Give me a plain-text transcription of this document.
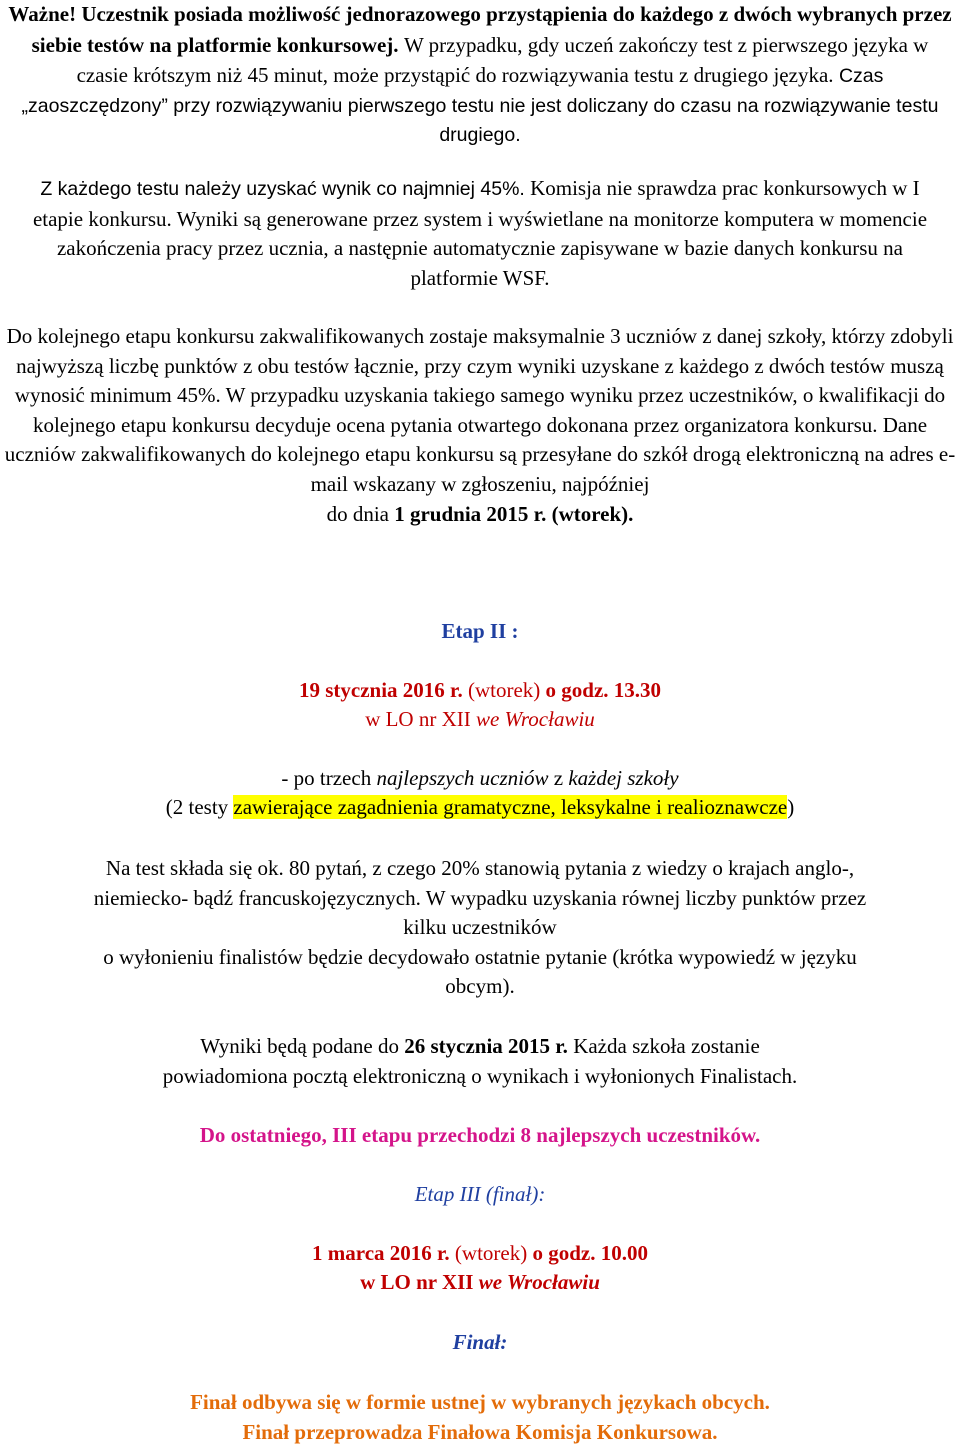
Ważne! Uczestnik posiada możliwość jednorazowego przystąpienia do każdego z dwóch wybranych przez siebie testów na platformie konkursowej. W przypadku, gdy uczeń zakończy test z pierwszego języka w czasie krótszym niż 45 minut, może przystąpić do rozwiązywania testu z drugiego języka. Czas „zaoszczędzony” przy rozwiązywaniu pierwszego testu nie jest doliczany do czasu na rozwiązywanie testu drugiego.

Z każdego testu należy uzyskać wynik co najmniej 45%. Komisja nie sprawdza prac konkursowych w I etapie konkursu. Wyniki są generowane przez system i wyświetlane na monitorze komputera w momencie zakończenia pracy przez ucznia, a następnie automatycznie zapisywane w bazie danych konkursu na platformie WSF.

Do kolejnego etapu konkursu zakwalifikowanych zostaje maksymalnie 3 uczniów z danej szkoły, którzy zdobyli najwyższą liczbę punktów z obu testów łącznie, przy czym wyniki uzyskane z każdego z dwóch testów muszą wynosić minimum 45%. W przypadku uzyskania takiego samego wyniku przez uczestników, o kwalifikacji do kolejnego etapu konkursu decyduje ocena pytania otwartego dokonana przez organizatora konkursu. Dane uczniów zakwalifikowanych do kolejnego etapu konkursu są przesyłane do szkół drogą elektroniczną na adres e-mail wskazany w zgłoszeniu, najpóźniej
do dnia 1 grudnia 2015 r. (wtorek).

Etap II :

19 stycznia 2016 r. (wtorek) o godz. 13.30

w LO nr XII we Wrocławiu

- po trzech najlepszych uczniów z każdej szkoły

(2 testy zawierające zagadnienia gramatyczne, leksykalne i realioznawcze)

Na test składa się ok. 80 pytań, z czego 20% stanowią pytania z wiedzy o krajach anglo-,

niemiecko- bądź francuskojęzycznych. W wypadku uzyskania równej liczby punktów przez

kilku uczestników

o wyłonieniu finalistów będzie decydowało ostatnie pytanie (krótka wypowiedź w języku

obcym).

Wyniki będą podane do 26 stycznia 2015 r. Każda szkoła zostanie powiadomiona pocztą elektroniczną o wynikach i wyłonionych Finalistach.

Do ostatniego, III etapu przechodzi 8 najlepszych uczestników.

Etap III (finał):

1 marca 2016 r. (wtorek) o godz. 10.00

w LO nr XII we Wrocławiu

Finał:

Finał odbywa się w formie ustnej w wybranych językach obcych.

Finał przeprowadza Finałowa Komisja Konkursowa.
